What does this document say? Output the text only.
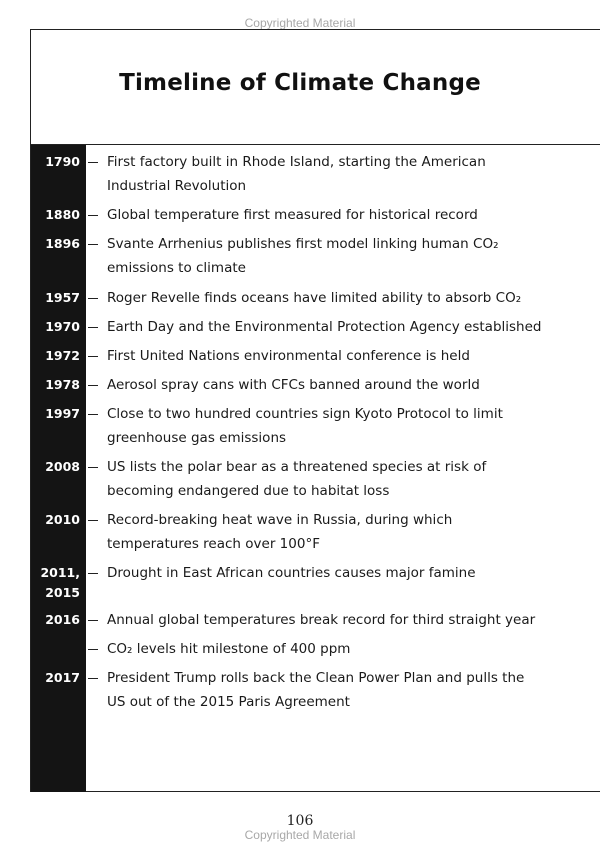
Copyrighted Material
Timeline of Climate Change
1790 First factory built in Rhode Island, starting the American
Industrial Revolution
1880 Global temperature first measured for historical record
1896 Svante Arrhenius publishes first model linking human CO₂
emissions to climate
1957 Roger Revelle finds oceans have limited ability to absorb CO₂
1970 Earth Day and the Environmental Protection Agency established
1972 First United Nations environmental conference is held
1978 Aerosol spray cans with CFCs banned around the world
1997 Close to two hundred countries sign Kyoto Protocol to limit
greenhouse gas emissions
2008 US lists the polar bear as a threatened species at risk of
becoming endangered due to habitat loss
2010 Record-breaking heat wave in Russia, during which
temperatures reach over 100°F
2011,
2015
Drought in East African countries causes major famine
2016 Annual global temperatures break record for third straight year
CO₂ levels hit milestone of 400 ppm
2017 President Trump rolls back the Clean Power Plan and pulls the
US out of the 2015 Paris Agreement
106
Copyrighted Material
